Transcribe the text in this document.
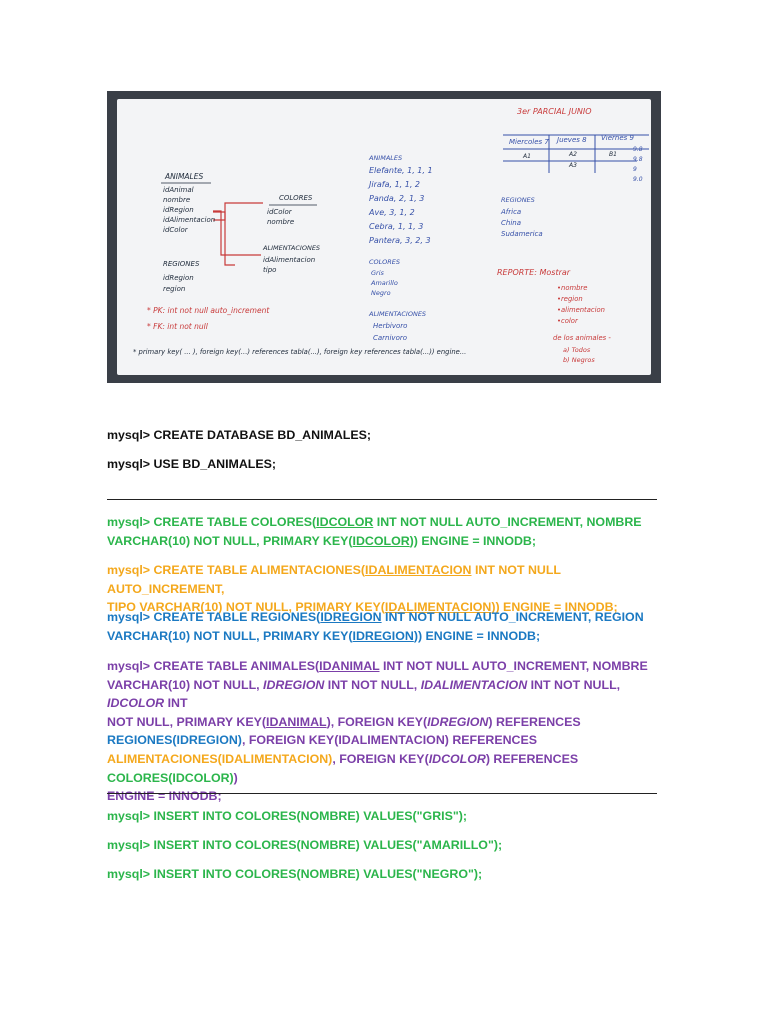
3er PARCIAL JUNIO
Miercoles 7 Jueves 8 Viernes 9
A1	A2	B1
A3
9.8
9.8
9
9.0
ANIMALES
idAnimal
nombre
idRegion
idAlimentacion
idColor
COLORES
idColor
nombre
ALIMENTACIONES
idAlimentacion
tipo
REGIONES
idRegion
region
* PK: int not null auto_increment
* FK: int not null
* primary key( ... ), foreign key(...) references tabla(...), foreign key references tabla(...)) engine...
ANIMALES
Elefante, 1, 1, 1
Jirafa, 1, 1, 2
Panda, 2, 1, 3
Ave, 3, 1, 2
Cebra, 1, 1, 3
Pantera, 3, 2, 3
COLORES
Gris
Amarillo
Negro
ALIMENTACIONES
Herbivoro
Carnivoro
REGIONES
Africa
China
Sudamerica
REPORTE: Mostrar
•nombre
•region
•alimentacion
•color
de los animales -
a) Todos
b) Negros
mysql> CREATE DATABASE BD_ANIMALES;
mysql> USE BD_ANIMALES;
mysql> CREATE TABLE COLORES(IDCOLOR INT NOT NULL AUTO_INCREMENT, NOMBRE
VARCHAR(10) NOT NULL, PRIMARY KEY(IDCOLOR)) ENGINE = INNODB;
mysql> CREATE TABLE ALIMENTACIONES(IDALIMENTACION INT NOT NULL AUTO_INCREMENT,
TIPO VARCHAR(10) NOT NULL, PRIMARY KEY(IDALIMENTACION)) ENGINE = INNODB;
mysql> CREATE TABLE REGIONES(IDREGION INT NOT NULL AUTO_INCREMENT, REGION
VARCHAR(10) NOT NULL, PRIMARY KEY(IDREGION)) ENGINE = INNODB;
mysql> CREATE TABLE ANIMALES(IDANIMAL INT NOT NULL AUTO_INCREMENT, NOMBRE
VARCHAR(10) NOT NULL, IDREGION INT NOT NULL, IDALIMENTACION INT NOT NULL, IDCOLOR INT
NOT NULL, PRIMARY KEY(IDANIMAL), FOREIGN KEY(IDREGION) REFERENCES
REGIONES(IDREGION), FOREIGN KEY(IDALIMENTACION) REFERENCES
ALIMENTACIONES(IDALIMENTACION), FOREIGN KEY(IDCOLOR) REFERENCES COLORES(IDCOLOR))
ENGINE = INNODB;
mysql> INSERT INTO COLORES(NOMBRE) VALUES("GRIS");
mysql> INSERT INTO COLORES(NOMBRE) VALUES("AMARILLO");
mysql> INSERT INTO COLORES(NOMBRE) VALUES("NEGRO");
